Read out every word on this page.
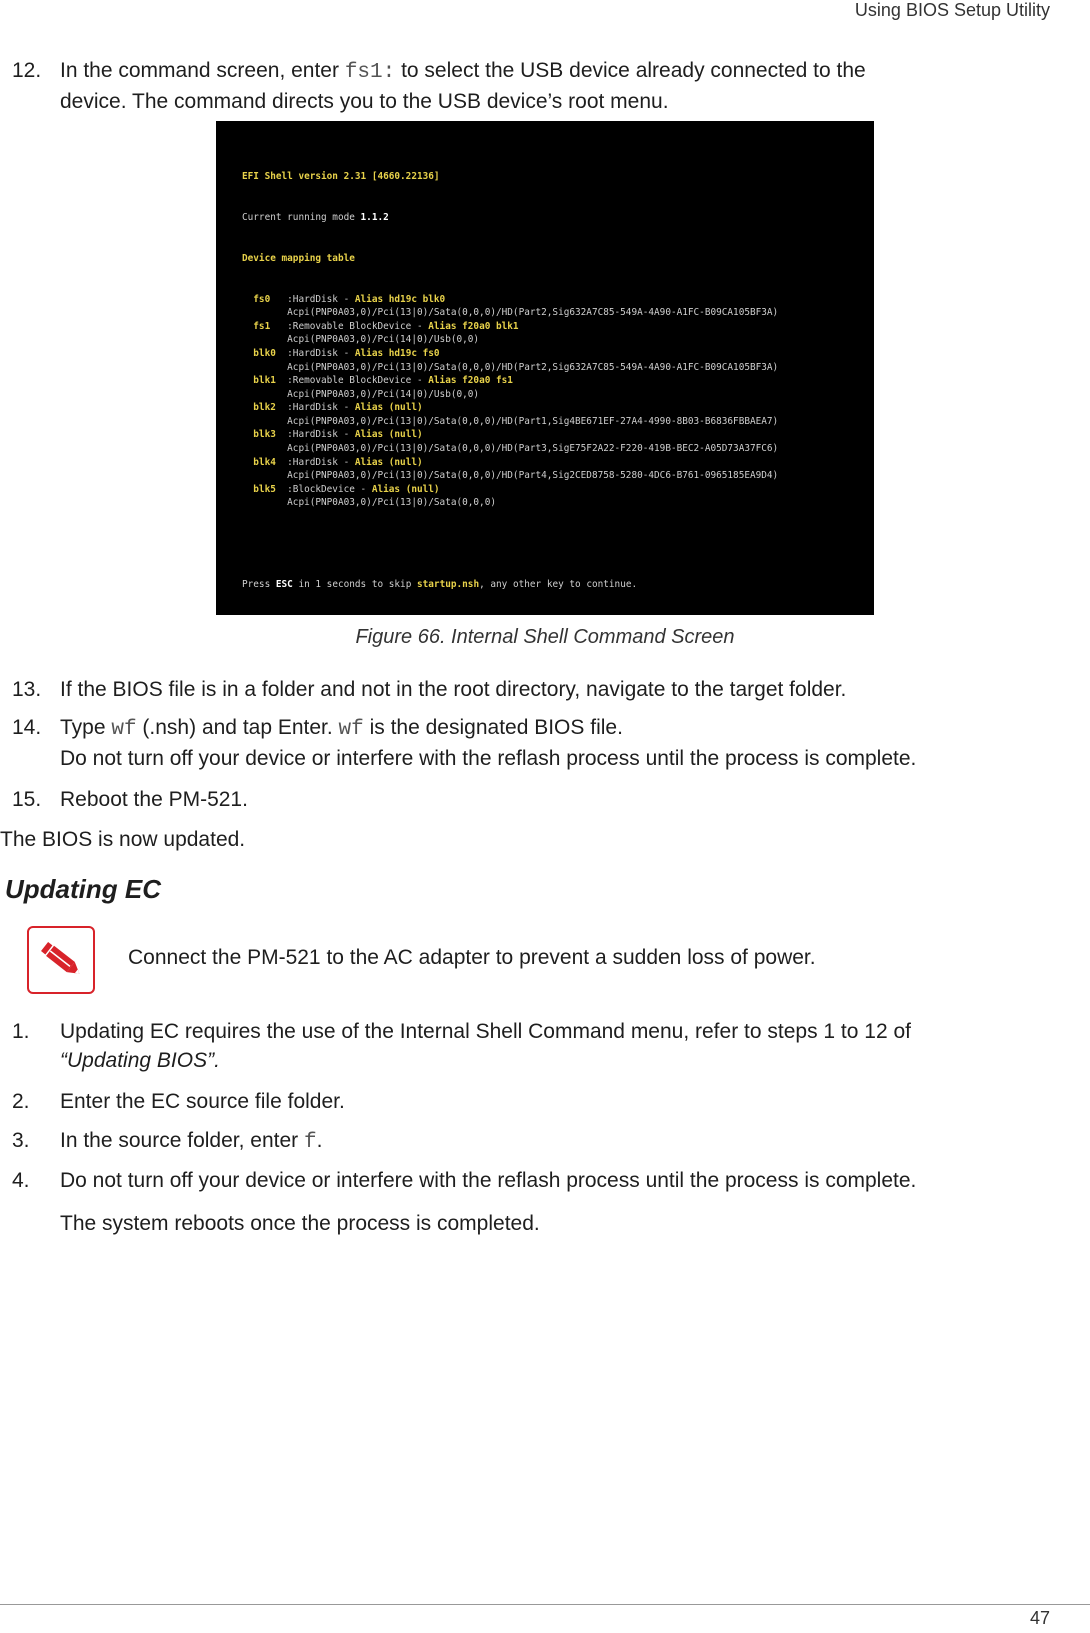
Using BIOS Setup Utility
12. In the command screen, enter fs1: to select the USB device already connected to the
device. The command directs you to the USB device’s root menu.

EFI Shell version 2.31 [4660.22136]

Current running mode 1.1.2

Device mapping table

fs0   :HardDisk - Alias hd19c blk0
Acpi(PNP0A03,0)/Pci(13|0)/Sata(0,0,0)/HD(Part2,Sig632A7C85-549A-4A90-A1FC-B09CA105BF3A)
fs1   :Removable BlockDevice - Alias f20a0 blk1
Acpi(PNP0A03,0)/Pci(14|0)/Usb(0,0)
blk0  :HardDisk - Alias hd19c fs0
Acpi(PNP0A03,0)/Pci(13|0)/Sata(0,0,0)/HD(Part2,Sig632A7C85-549A-4A90-A1FC-B09CA105BF3A)
blk1  :Removable BlockDevice - Alias f20a0 fs1
Acpi(PNP0A03,0)/Pci(14|0)/Usb(0,0)
blk2  :HardDisk - Alias (null)
Acpi(PNP0A03,0)/Pci(13|0)/Sata(0,0,0)/HD(Part1,Sig4BE671EF-27A4-4990-8B03-B6836FBBAEA7)
blk3  :HardDisk - Alias (null)
Acpi(PNP0A03,0)/Pci(13|0)/Sata(0,0,0)/HD(Part3,SigE75F2A22-F220-419B-BEC2-A05D73A37FC6)
blk4  :HardDisk - Alias (null)
Acpi(PNP0A03,0)/Pci(13|0)/Sata(0,0,0)/HD(Part4,Sig2CED8758-5280-4DC6-B761-0965185EA9D4)
blk5  :BlockDevice - Alias (null)
Acpi(PNP0A03,0)/Pci(13|0)/Sata(0,0,0)

Press ESC in 1 seconds to skip startup.nsh, any other key to continue.

Shell> _

Figure 66. Internal Shell Command Screen
13. If the BIOS file is in a folder and not in the root directory, navigate to the target folder.
14. Type wf (.nsh) and tap Enter. wf is the designated BIOS file.
Do not turn off your device or interfere with the reflash process until the process is complete.
15. Reboot the PM-521.
The BIOS is now updated.
Updating EC
Connect the PM-521 to the AC adapter to prevent a sudden loss of power.
1. Updating EC requires the use of the Internal Shell Command menu, refer to steps 1 to 12 of
“Updating BIOS”.
2. Enter the EC source file folder.
3. In the source folder, enter f.
4. Do not turn off your device or interfere with the reflash process until the process is complete.
The system reboots once the process is completed.
47
